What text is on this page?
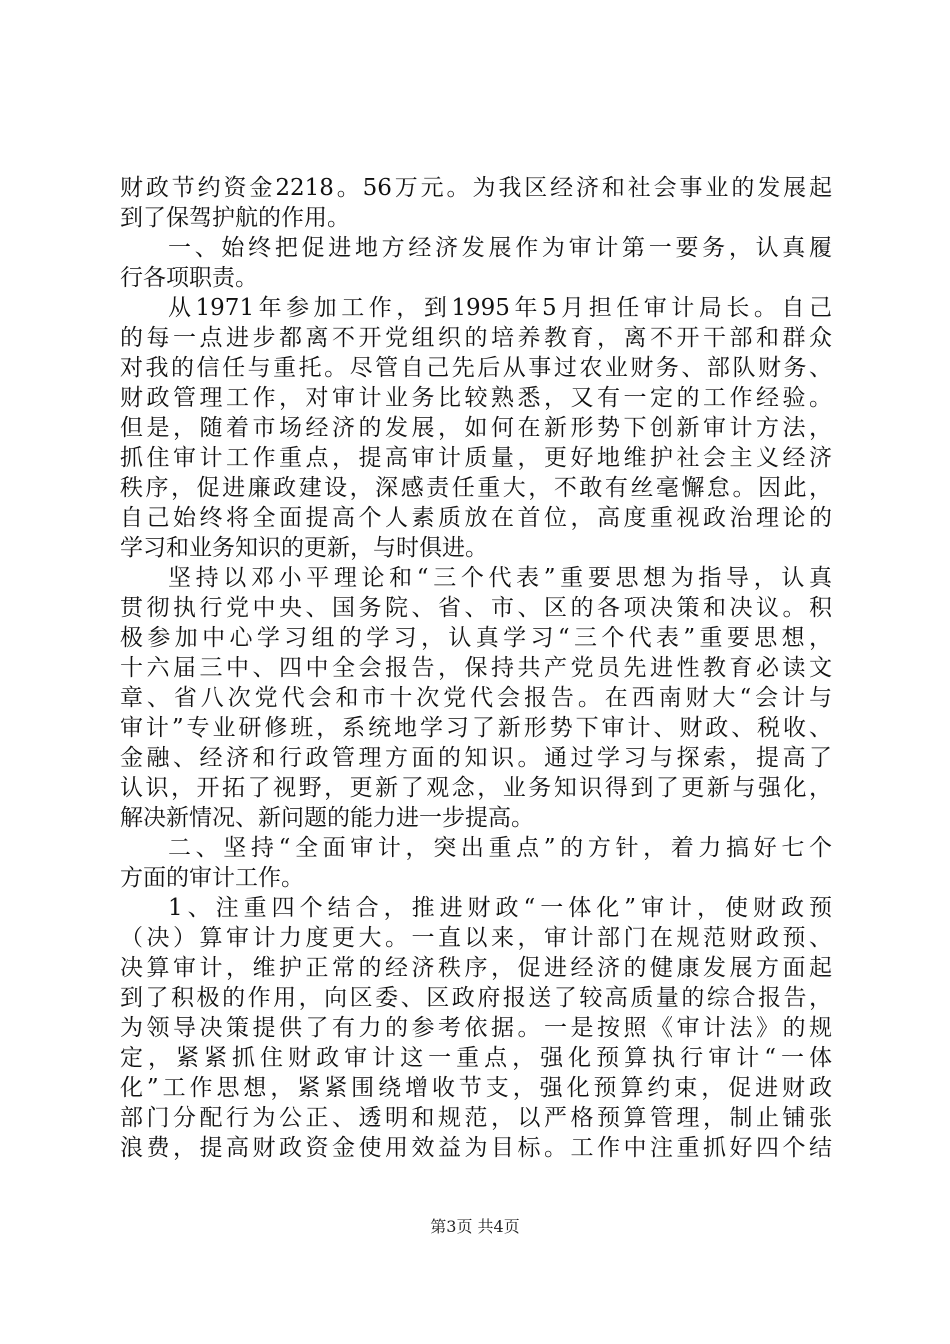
财政节约资金2218。56万元。为我区经济和社会事业的发展起
到了保驾护航的作用。
一、始终把促进地方经济发展作为审计第一要务，认真履
行各项职责。
从1971年参加工作，到1995年5月担任审计局长。自己
的每一点进步都离不开党组织的培养教育，离不开干部和群众
对我的信任与重托。尽管自己先后从事过农业财务、部队财务、
财政管理工作，对审计业务比较熟悉，又有一定的工作经验。
但是，随着市场经济的发展，如何在新形势下创新审计方法，
抓住审计工作重点，提高审计质量，更好地维护社会主义经济
秩序，促进廉政建设，深感责任重大，不敢有丝毫懈怠。因此，
自己始终将全面提高个人素质放在首位，高度重视政治理论的
学习和业务知识的更新，与时俱进。
坚持以邓小平理论和“三个代表”重要思想为指导，认真
贯彻执行党中央、国务院、省、市、区的各项决策和决议。积
极参加中心学习组的学习，认真学习“三个代表”重要思想，
十六届三中、四中全会报告，保持共产党员先进性教育必读文
章、省八次党代会和市十次党代会报告。在西南财大“会计与
审计”专业研修班，系统地学习了新形势下审计、财政、税收、
金融、经济和行政管理方面的知识。通过学习与探索，提高了
认识，开拓了视野，更新了观念，业务知识得到了更新与强化，
解决新情况、新问题的能力进一步提高。
二、坚持“全面审计，突出重点”的方针，着力搞好七个
方面的审计工作。
1、注重四个结合，推进财政“一体化”审计，使财政预
（决）算审计力度更大。一直以来，审计部门在规范财政预、
决算审计，维护正常的经济秩序，促进经济的健康发展方面起
到了积极的作用，向区委、区政府报送了较高质量的综合报告，
为领导决策提供了有力的参考依据。一是按照《审计法》的规
定，紧紧抓住财政审计这一重点，强化预算执行审计“一体
化”工作思想，紧紧围绕增收节支，强化预算约束，促进财政
部门分配行为公正、透明和规范，以严格预算管理，制止铺张
浪费，提高财政资金使用效益为目标。工作中注重抓好四个结
第3页 共4页
